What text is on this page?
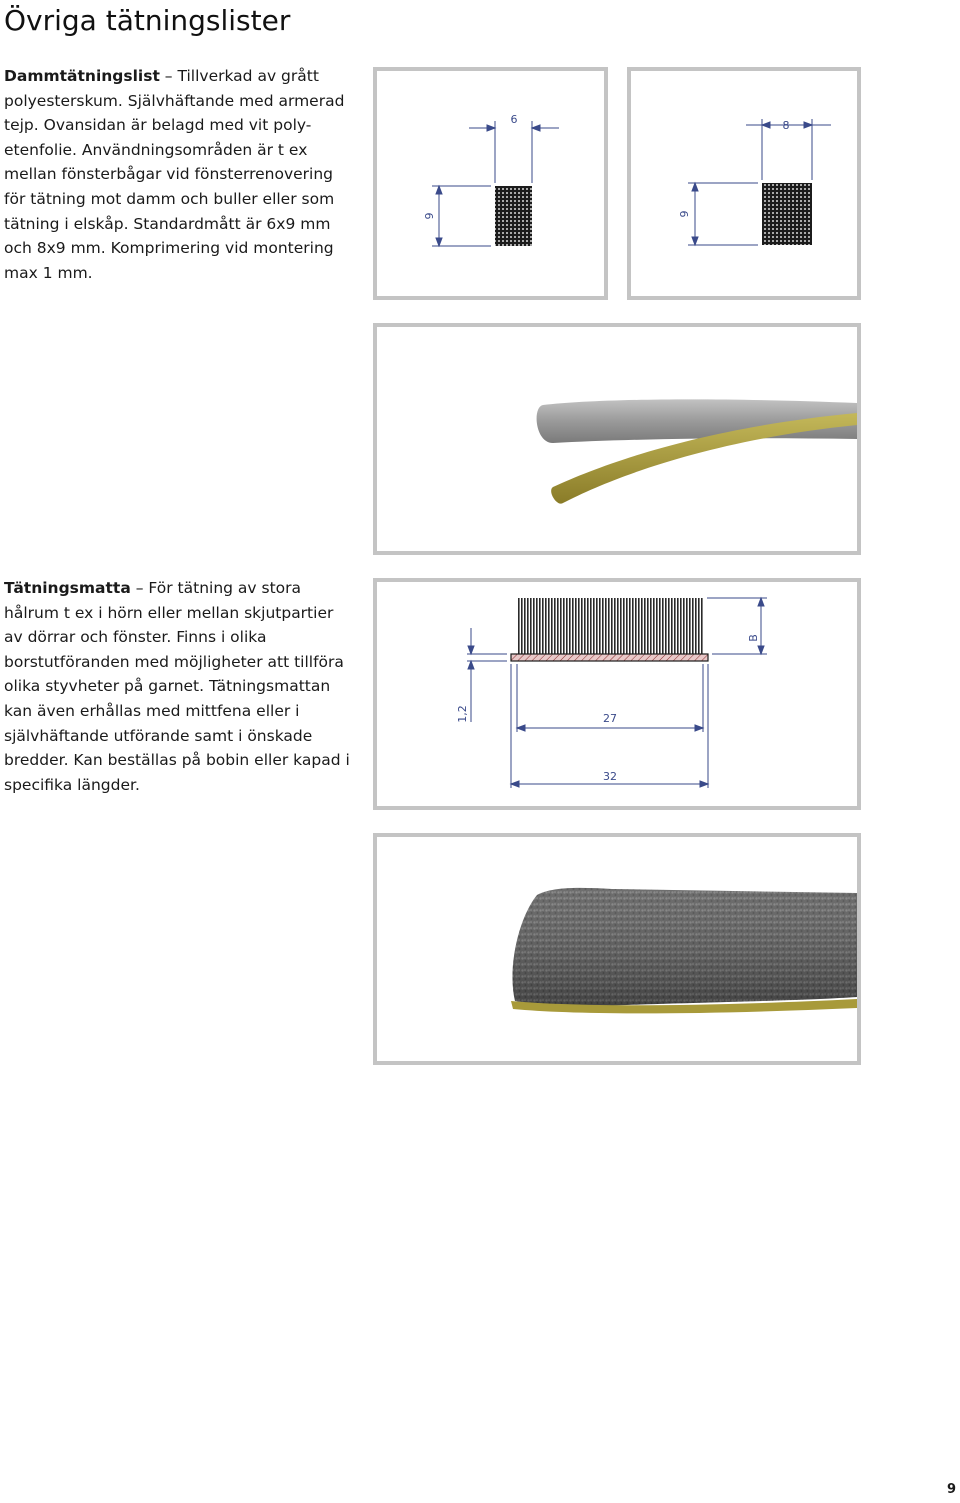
Övriga tätningslister

Dammtätningslist – Tillverkad av grått polyesterskum. Självhäftande med armerad tejp. Ovansidan är belagd med vit poly-etenfolie. Användningsområden är t ex mellan fönsterbågar vid fönsterrenovering för tätning mot damm och buller eller som tätning i elskåp. Standardmått är 6x9 mm och 8x9 mm. Komprimering vid montering max 1 mm.

6
9
8
9

Tätningsmatta – För tätning av stora hålrum t ex i hörn eller mellan skjutpartier av dörrar och fönster. Finns i olika borstutföranden med möjligheter att tillföra olika styvheter på garnet. Tätningsmattan kan även erhållas med mittfena eller i självhäftande utförande samt i önskade bredder. Kan beställas på bobin eller kapad i specifika längder.

B
1,2	27
32
9
